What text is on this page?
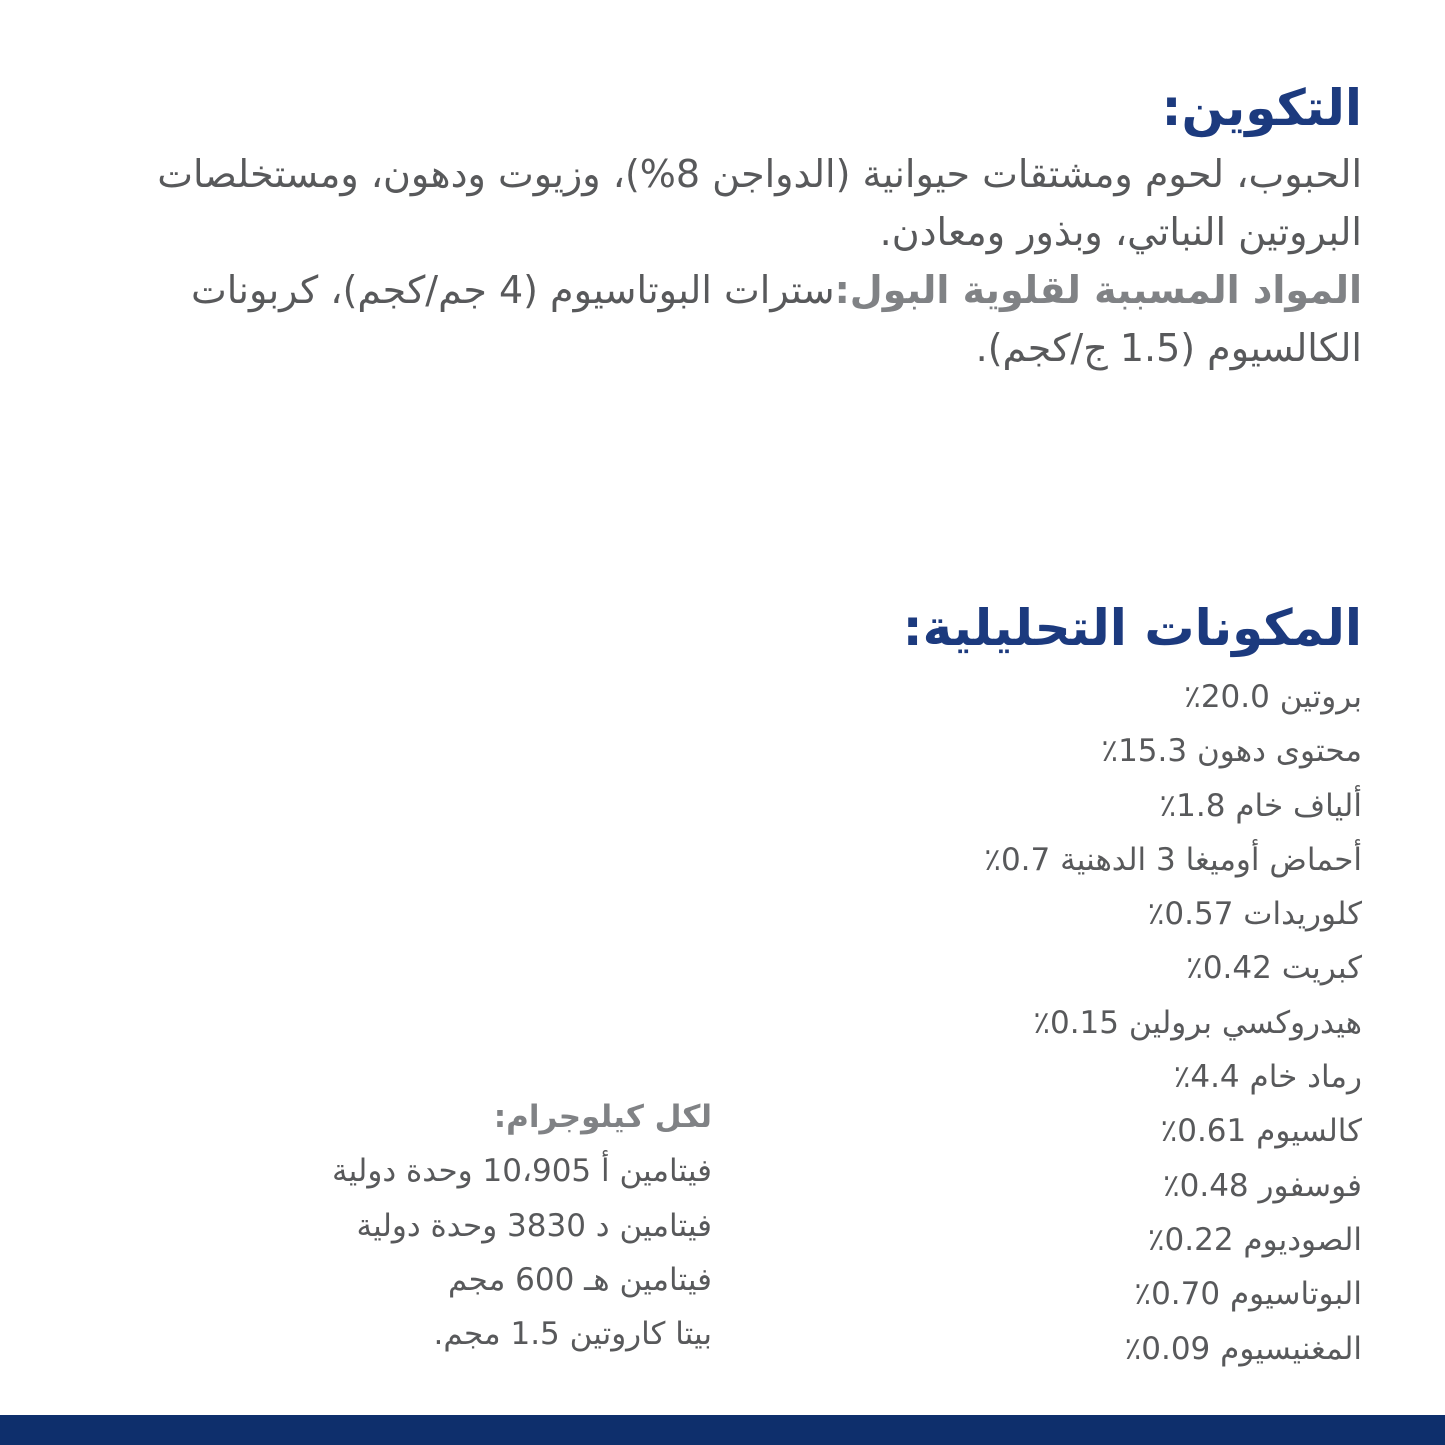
التكوين:

الحبوب، لحوم ومشتقات حيوانية (الدواجن 8%)، وزيوت ودهون، ومستخلصات البروتين النباتي، وبذور ومعادن.
المواد المسببة لقلوية البول:سترات البوتاسيوم (4 جم/كجم)، كربونات الكالسيوم (1.5 ج/كجم).

المكونات التحليلية:
بروتين 20.0٪
محتوى دهون 15.3٪
ألياف خام 1.8٪
أحماض أوميغا 3 الدهنية 0.7٪
كلوريدات 0.57٪
كبريت 0.42٪
هيدروكسي برولين 0.15٪
رماد خام 4.4٪
كالسيوم 0.61٪
فوسفور 0.48٪
الصوديوم 0.22٪
البوتاسيوم 0.70٪
المغنيسيوم 0.09٪
لكل كيلوجرام:
فيتامين أ 10،905 وحدة دولية
فيتامين د 3830 وحدة دولية
فيتامين هـ 600 مجم
بيتا كاروتين 1.5 مجم.
